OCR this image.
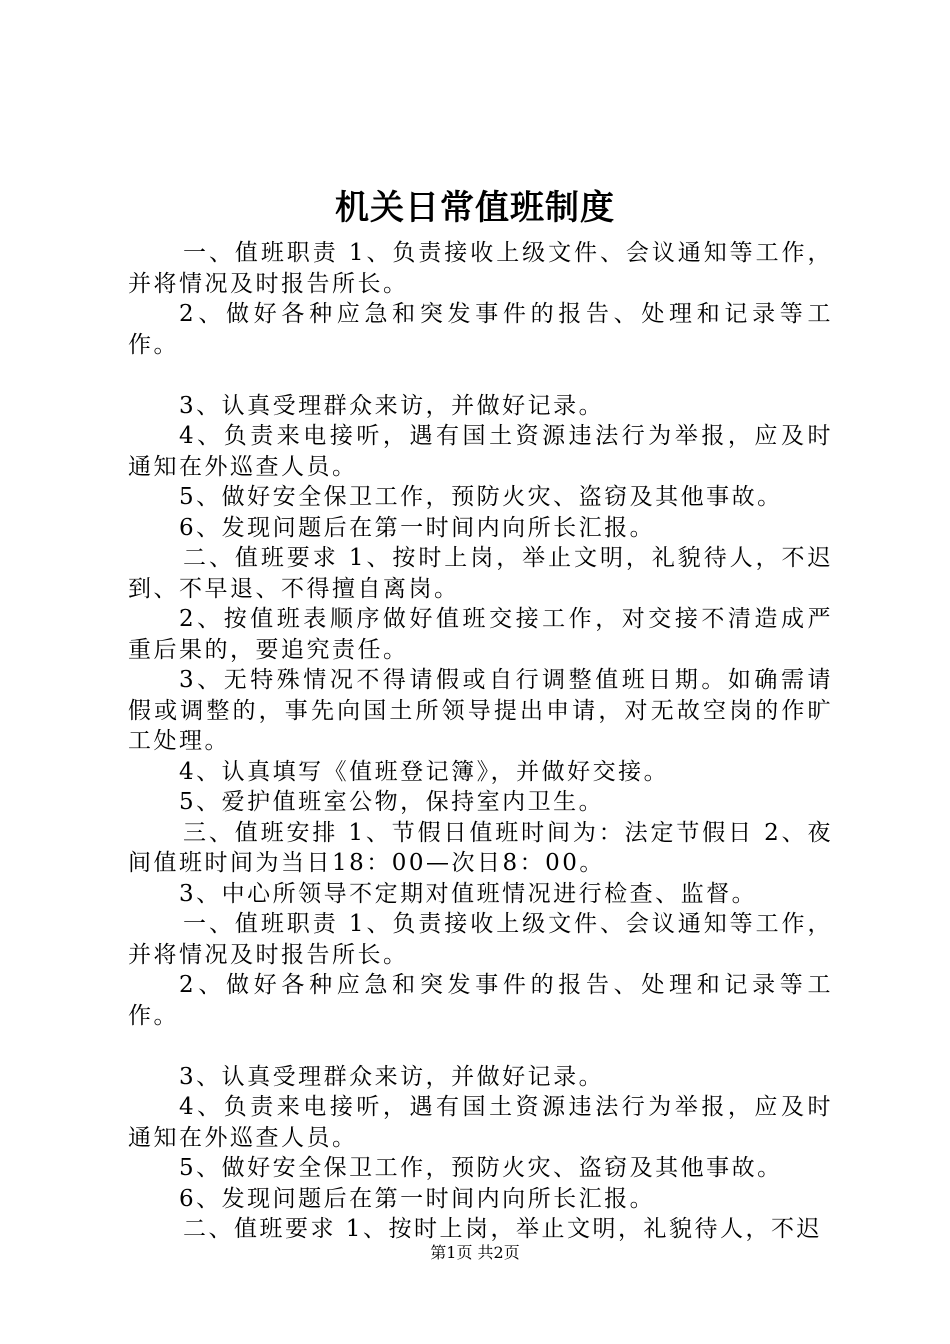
机关日常值班制度

一、值班职责 1、负责接收上级文件、会议通知等工作，并将情况及时报告所长。

2、做好各种应急和突发事件的报告、处理和记录等工作。

3、认真受理群众来访，并做好记录。

4、负责来电接听，遇有国土资源违法行为举报，应及时通知在外巡查人员。

5、做好安全保卫工作，预防火灾、盗窃及其他事故。

6、发现问题后在第一时间内向所长汇报。

二、值班要求 1、按时上岗，举止文明，礼貌待人，不迟到、不早退、不得擅自离岗。

2、按值班表顺序做好值班交接工作，对交接不清造成严重后果的，要追究责任。

3、无特殊情况不得请假或自行调整值班日期。如确需请假或调整的，事先向国土所领导提出申请，对无故空岗的作旷工处理。

4、认真填写《值班登记簿》，并做好交接。

5、爱护值班室公物，保持室内卫生。

三、值班安排 1、节假日值班时间为：法定节假日 2、夜间值班时间为当日18：00—次日8：00。

3、中心所领导不定期对值班情况进行检查、监督。

一、值班职责 1、负责接收上级文件、会议通知等工作，并将情况及时报告所长。

2、做好各种应急和突发事件的报告、处理和记录等工作。

3、认真受理群众来访，并做好记录。

4、负责来电接听，遇有国土资源违法行为举报，应及时通知在外巡查人员。

5、做好安全保卫工作，预防火灾、盗窃及其他事故。

6、发现问题后在第一时间内向所长汇报。

二、值班要求 1、按时上岗，举止文明，礼貌待人，不迟

第1页 共2页
